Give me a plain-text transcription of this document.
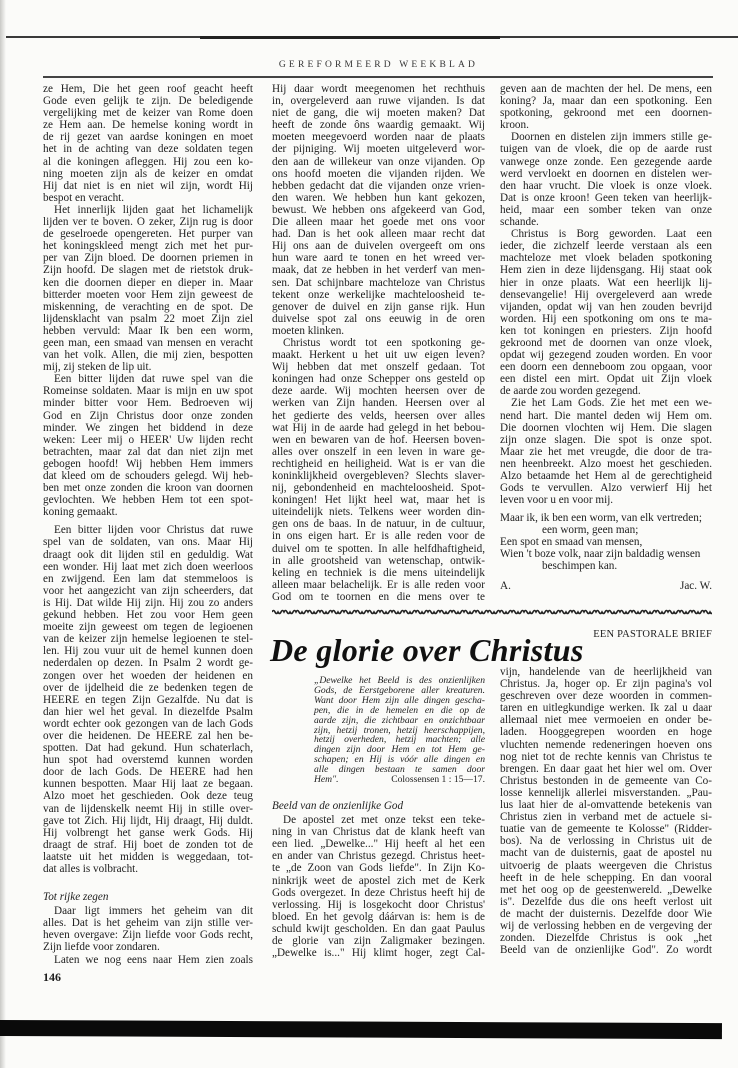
GEREFORMEERD WEEKBLAD
ze Hem, Die het geen roof geacht heeft
Gode even gelijk te zijn. De beledigende
vergelijking met de keizer van Rome doen
ze Hem aan. De hemelse koning wordt in
de rij gezet van aardse koningen en moet
het in de achting van deze soldaten tegen
al die koningen afleggen. Hij zou een ko-
ning moeten zijn als de keizer en omdat
Hij dat niet is en niet wil zijn, wordt Hij
bespot en veracht.
Het innerlijk lijden gaat het lichamelijk
lijden ver te boven. O zeker, Zijn rug is door
de geselroede opengereten. Het purper van
het koningskleed mengt zich met het pur-
per van Zijn bloed. De doornen priemen in
Zijn hoofd. De slagen met de rietstok druk-
ken die doornen dieper en dieper in. Maar
bitterder moeten voor Hem zijn geweest de
miskenning, de verachting en de spot. De
lijdensklacht van psalm 22 moet Zijn ziel
hebben vervuld: Maar Ik ben een worm,
geen man, een smaad van mensen en veracht
van het volk. Allen, die mij zien, bespotten
mij, zij steken de lip uit.
Een bitter lijden dat ruwe spel van die
Romeinse soldaten. Maar is mijn en uw spot
minder bitter voor Hem. Bedroeven wij
God en Zijn Christus door onze zonden
minder. We zingen het biddend in deze
weken: Leer mij o HEER' Uw lijden recht
betrachten, maar zal dat dan niet zijn met
gebogen hoofd! Wij hebben Hem immers
dat kleed om de schouders gelegd. Wij heb-
ben met onze zonden die kroon van doornen
gevlochten. We hebben Hem tot een spot-
koning gemaakt.
Een bitter lijden voor Christus dat ruwe
spel van de soldaten, van ons. Maar Hij
draagt ook dit lijden stil en geduldig. Wat
een wonder. Hij laat met zich doen weerloos
en zwijgend. Een lam dat stemmeloos is
voor het aangezicht van zijn scheerders, dat
is Hij. Dat wilde Hij zijn. Hij zou zo anders
gekund hebben. Het zou voor Hem geen
moeite zijn geweest om tegen de legioenen
van de keizer zijn hemelse legioenen te stel-
len. Hij zou vuur uit de hemel kunnen doen
nederdalen op dezen. In Psalm 2 wordt ge-
zongen over het woeden der heidenen en
over de ijdelheid die ze bedenken tegen de
HEERE en tegen Zijn Gezalfde. Nu dat is
dan hier wel het geval. In diezelfde Psalm
wordt echter ook gezongen van de lach Gods
over die heidenen. De HEERE zal hen be-
spotten. Dat had gekund. Hun schaterlach,
hun spot had overstemd kunnen worden
door de lach Gods. De HEERE had hen
kunnen bespotten. Maar Hij laat ze begaan.
Alzo moet het geschieden. Ook deze teug
van de lijdenskelk neemt Hij in stille over-
gave tot Zich. Hij lijdt, Hij draagt, Hij duldt.
Hij volbrengt het ganse werk Gods. Hij
draagt de straf. Hij boet de zonden tot de
laatste uit het midden is weggedaan, tot-
dat alles is volbracht.
Tot rijke zegen
Daar ligt immers het geheim van dit
alles. Dat is het geheim van zijn stille ver-
heven overgave: Zijn liefde voor Gods recht,
Zijn liefde voor zondaren.
Laten we nog eens naar Hem zien zoals
Hij daar wordt meegenomen het rechthuis
in, overgeleverd aan ruwe vijanden. Is dat
niet de gang, die wij moeten maken? Dat
heeft de zonde ôns waardig gemaakt. Wij
moeten meegevoerd worden naar de plaats
der pijniging. Wij moeten uitgeleverd wor-
den aan de willekeur van onze vijanden. Op
ons hoofd moeten die vijanden rijden. We
hebben gedacht dat die vijanden onze vrien-
den waren. We hebben hun kant gekozen,
bewust. We hebben ons afgekeerd van God,
Die alleen maar het goede met ons voor
had. Dan is het ook alleen maar recht dat
Hij ons aan de duivelen overgeeft om ons
hun ware aard te tonen en het wreed ver-
maak, dat ze hebben in het verderf van men-
sen. Dat schijnbare machteloze van Christus
tekent onze werkelijke machteloosheid te-
genover de duivel en zijn ganse rijk. Hun
duivelse spot zal ons eeuwig in de oren
moeten klinken.
Christus wordt tot een spotkoning ge-
maakt. Herkent u het uit uw eigen leven?
Wij hebben dat met onszelf gedaan. Tot
koningen had onze Schepper ons gesteld op
deze aarde. Wij mochten heersen over de
werken van Zijn handen. Heersen over al
het gedierte des velds, heersen over alles
wat Hij in de aarde had gelegd in het bebou-
wen en bewaren van de hof. Heersen boven-
alles over onszelf in een leven in ware ge-
rechtigheid en heiligheid. Wat is er van die
koninklijkheid overgebleven? Slechts slaver-
nij, gebondenheid en machteloosheid. Spot-
koningen! Het lijkt heel wat, maar het is
uiteindelijk niets. Telkens weer worden din-
gen ons de baas. In de natuur, in de cultuur,
in ons eigen hart. Er is alle reden voor de
duivel om te spotten. In alle helfdhaftigheid,
in alle grootsheid van wetenschap, ontwik-
keling en techniek is die mens uiteindelijk
alleen maar belachelijk. Er is alle reden voor
God om te toornen en die mens over te
geven aan de machten der hel. De mens, een
koning? Ja, maar dan een spotkoning. Een
spotkoning, gekroond met een doornen-
kroon.
Doornen en distelen zijn immers stille ge-
tuigen van de vloek, die op de aarde rust
vanwege onze zonde. Een gezegende aarde
werd vervloekt en doornen en distelen wer-
den haar vrucht. Die vloek is onze vloek.
Dat is onze kroon! Geen teken van heerlijk-
heid, maar een somber teken van onze
schande.
Christus is Borg geworden. Laat een
ieder, die zichzelf leerde verstaan als een
machteloze met vloek beladen spotkoning
Hem zien in deze lijdensgang. Hij staat ook
hier in onze plaats. Wat een heerlijk lij-
densevangelie! Hij overgeleverd aan wrede
vijanden, opdat wij van hen zouden bevrijd
worden. Hij een spotkoning om ons te ma-
ken tot koningen en priesters. Zijn hoofd
gekroond met de doornen van onze vloek,
opdat wij gezegend zouden worden. En voor
een doorn een denneboom zou opgaan, voor
een distel een mirt. Opdat uit Zijn vloek
de aarde zou worden gezegend.
Zie het Lam Gods. Zie het met een we-
nend hart. Die mantel deden wij Hem om.
Die doornen vlochten wij Hem. Die slagen
zijn onze slagen. Die spot is onze spot.
Maar zie het met vreugde, die door de tra-
nen heenbreekt. Alzo moest het geschieden.
Alzo betaamde het Hem al de gerechtigheid
Gods te vervullen. Alzo verwierf Hij het
leven voor u en voor mij.
Maar ik, ik ben een worm, van elk vertreden;
een worm, geen man;
Een spot en smaad van mensen,
Wien 't boze volk, naar zijn baldadig wensen
beschimpen kan.
A.	Jac. W.
EEN PASTORALE BRIEF
De glorie over Christus
„Dewelke het Beeld is des onzienlijken
Gods, de Eerstgeborene aller kreaturen.
Want door Hem zijn alle dingen gescha-
pen, die in de hemelen en die op de
aarde zijn, die zichtbaar en onzichtbaar
zijn, hetzij tronen, hetzij heerschappijen,
hetzij overheden, hetzij machten; alle
dingen zijn door Hem en tot Hem ge-
schapen; en Hij is vóór alle dingen en
alle dingen bestaan te samen door
Hem".	Colossensen 1 : 15—17.
Beeld van de onzienlijke God
De apostel zet met onze tekst een teke-
ning in van Christus dat de klank heeft van
een lied. „Dewelke..." Hij heeft al het een
en ander van Christus gezegd. Christus heet-
te „de Zoon van Gods liefde". In Zijn Ko-
ninkrijk weet de apostel zich met de Kerk
Gods overgezet. In deze Christus heeft hij de
verlossing. Hij is losgekocht door Christus'
bloed. En het gevolg dáárvan is: hem is de
schuld kwijt gescholden. En dan gaat Paulus
de glorie van zijn Zaligmaker bezingen.
„Dewelke is..." Hij klimt hoger, zegt Cal-
vijn, handelende van de heerlijkheid van
Christus. Ja, hoger op. Er zijn pagina's vol
geschreven over deze woorden in commen-
taren en uitlegkundige werken. Ik zal u daar
allemaal niet mee vermoeien en onder be-
laden. Hooggegrepen woorden en hoge
vluchten nemende redeneringen hoeven ons
nog niet tot de rechte kennis van Christus te
brengen. En daar gaat het hier wel om. Over
Christus bestonden in de gemeente van Co-
losse kennelijk allerlei misverstanden. „Pau-
lus laat hier de al-omvattende betekenis van
Christus zien in verband met de actuele si-
tuatie van de gemeente te Kolosse" (Ridder-
bos). Na de verlossing in Christus uit de
macht van de duisternis, gaat de apostel nu
uitvoerig de plaats weergeven die Christus
heeft in de hele schepping. En dan vooral
met het oog op de geestenwereld. „Dewelke
is". Dezelfde dus die ons heeft verlost uit
de macht der duisternis. Dezelfde door Wie
wij de verlossing hebben en de vergeving der
zonden. Diezelfde Christus is ook „het
Beeld van de onzienlijke God". Zo wordt
146
